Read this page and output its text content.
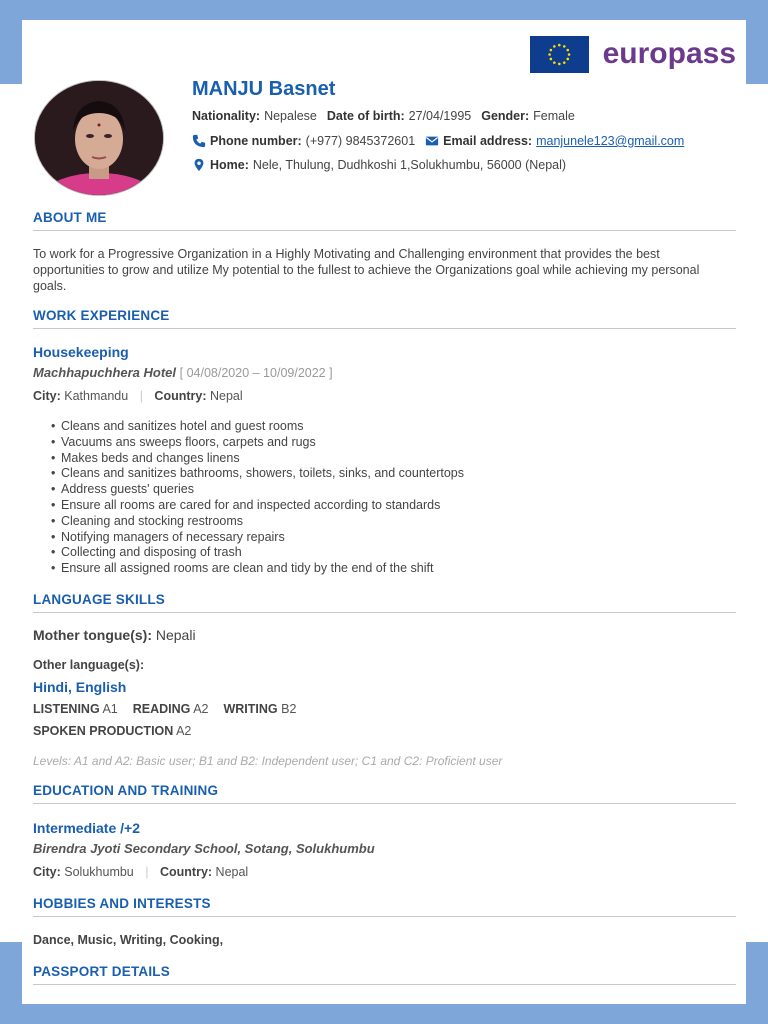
europass
MANJU Basnet
Nationality: Nepalese Date of birth: 27/04/1995 Gender: Female
Phone number: (+977) 9845372601 Email address: manjunele123@gmail.com
Home: Nele, Thulung, Dudhkoshi 1,Solukhumbu, 56000 (Nepal)
ABOUT ME
To work for a Progressive Organization in a Highly Motivating and Challenging environment that provides the best opportunities to grow and utilize My potential to the fullest to achieve the Organizations goal while achieving my personal goals.
WORK EXPERIENCE
Housekeeping
Machhapuchhera Hotel [ 04/08/2020 – 10/09/2022 ]
City: Kathmandu | Country: Nepal
• Cleans and sanitizes hotel and guest rooms
• Vacuums ans sweeps floors, carpets and rugs
• Makes beds and changes linens
• Cleans and sanitizes bathrooms, showers, toilets, sinks, and countertops
• Address guests' queries
• Ensure all rooms are cared for and inspected according to standards
• Cleaning and stocking restrooms
• Notifying managers of necessary repairs
• Collecting and disposing of trash
• Ensure all assigned rooms are clean and tidy by the end of the shift
LANGUAGE SKILLS
Mother tongue(s): Nepali
Other language(s):
Hindi, English
LISTENING A1 READING A2 WRITING B2
SPOKEN PRODUCTION A2
Levels: A1 and A2: Basic user; B1 and B2: Independent user; C1 and C2: Proficient user
EDUCATION AND TRAINING
Intermediate /+2
Birendra Jyoti Secondary School, Sotang, Solukhumbu
City: Solukhumbu | Country: Nepal
HOBBIES AND INTERESTS
Dance, Music, Writing, Cooking,
PASSPORT DETAILS
